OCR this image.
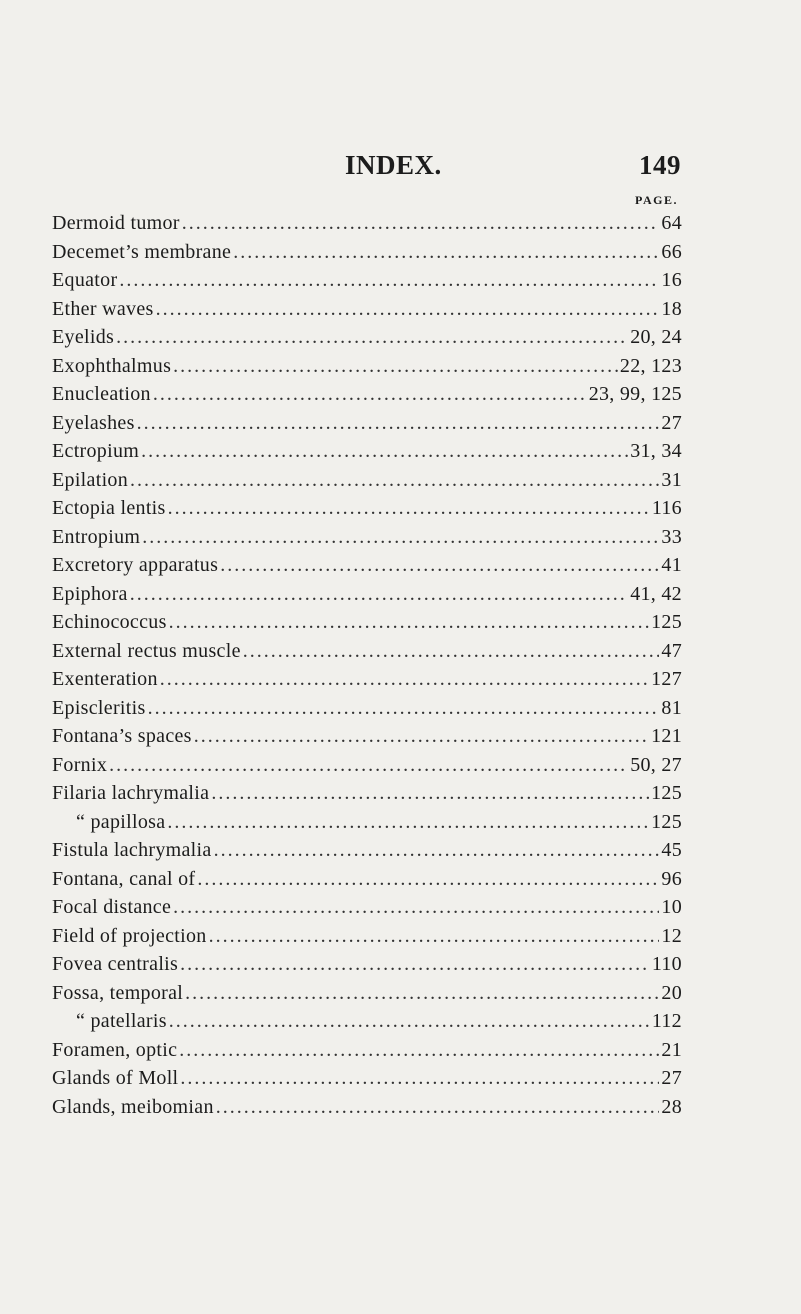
INDEX.	149
PAGE.
Dermoid tumor .....	64
Decemet’s membrane .....	66
Equator .....	16
Ether waves .....	18
Eyelids .....	20, 24
Exophthalmus .....	22, 123
Enucleation .....	23, 99, 125
Eyelashes .....	27
Ectropium .....	31, 34
Epilation .....	31
Ectopia lentis .....	116
Entropium .....	33
Excretory apparatus .....	41
Epiphora .....	41, 42
Echinococcus .....	125
External rectus muscle .....	47
Exenteration .....	127
Episcleritis .....	81
Fontana’s spaces .....	121
Fornix .....	50, 27
Filaria lachrymalia .....	125
“ papillosa .....	125
Fistula lachrymalia .....	45
Fontana, canal of .....	96
Focal distance .....	10
Field of projection .....	12
Fovea centralis .....	110
Fossa, temporal .....	20
“ patellaris .....	112
Foramen, optic .....	21
Glands of Moll .....	27
Glands, meibomian .....	28
